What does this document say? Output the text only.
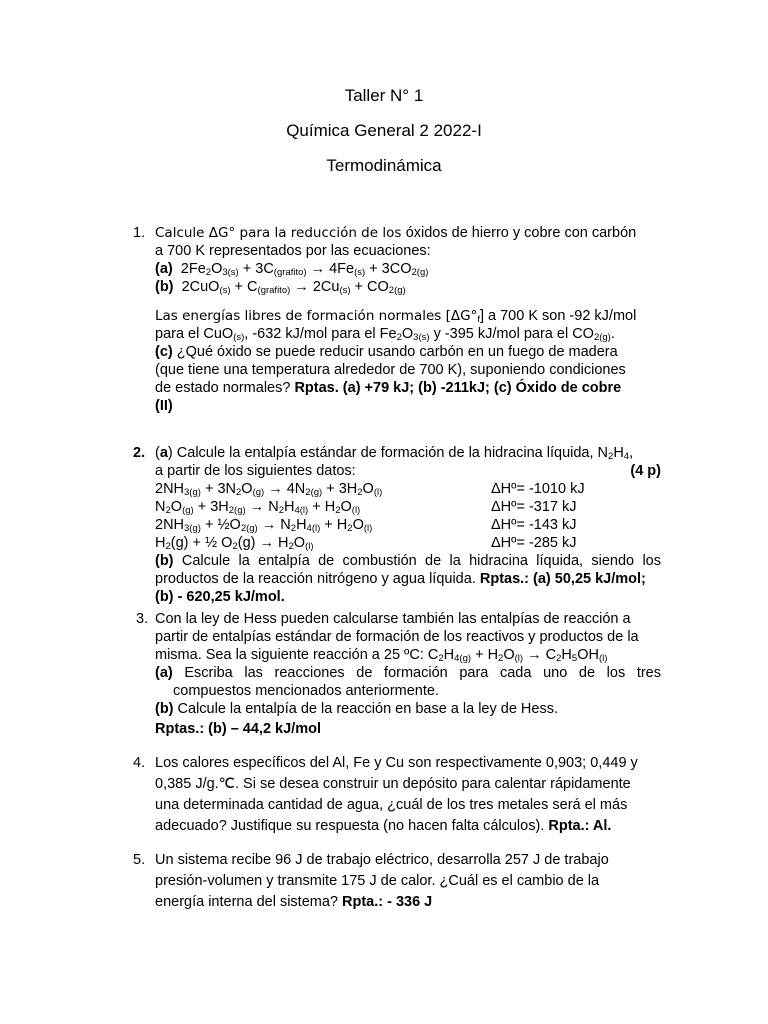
Taller N° 1
Química General 2 2022-I
Termodinámica
1. Calcule ΔG° para la reducción de los óxidos de hierro y cobre con carbón
a 700 K representados por las ecuaciones:
(a)  $2Fe_2O_{3(s)} + 3C_{(grafito)} \to 4Fe_{(s)} + 3CO_{2(g)}$
(b)  $2CuO_{(s)} + C_{(grafito)} \to 2Cu_{(s)} + CO_{2(g)}$
Las energías libres de formación normales $[\Delta G^\circ_f]$ a 700 K son -92 kJ/mol
para el CuO$_{(s)}$, -632 kJ/mol para el $Fe_2O_{3(s)}$ y -395 kJ/mol para el $CO_{2(g)}$.
(c) ¿Qué óxido se puede reducir usando carbón en un fuego de madera
(que tiene una temperatura alrededor de 700 K), suponiendo condiciones
de estado normales? Rptas. (a) +79 kJ; (b) -211kJ; (c) Óxido de cobre
(II)
2. (a) Calcule la entalpía estándar de formación de la hidracina líquida, $N_2H_4$,
a partir de los siguientes datos:	(4 p)
$2NH_{3(g)} + 3N_2O_{(g)} \to 4N_{2(g)} + 3H_2O_{(l)}$	ΔHº= -1010 kJ
$N_2O_{(g)} + 3H_{2(g)} \to N_2H_{4(l)} + H_2O_{(l)}$	ΔHº= -317 kJ
$2NH_{3(g)}$ + $\frac{1}{2}O_{2(g)} \to N_2H_{4(l)} + H_2O_{(l)}$	ΔHº= -143 kJ
$H_2(g)$ + ½ $O_2(g) \to H_2O_{(l)}$	ΔHº= -285 kJ
(b) Calcule la entalpía de combustión de la hidracina líquida, siendo los
productos de la reacción nitrógeno y agua líquida. Rptas.: (a) 50,25 kJ/mol;
(b) - 620,25 kJ/mol.
3. Con la ley de Hess pueden calcularse también las entalpías de reacción a
partir de entalpías estándar de formación de los reactivos y productos de la
misma. Sea la siguiente reacción a 25 ºC: $C_2H_{4(g)} + H_2O_{(l)} \to C_2H_5OH_{(l)}$
(a) Escriba las reacciones de formación para cada uno de los tres
compuestos mencionados anteriormente.
(b) Calcule la entalpía de la reacción en base a la ley de Hess.
Rptas.: (b) – 44,2 kJ/mol
4. Los calores específicos del Al, Fe y Cu son respectivamente 0,903; 0,449 y
0,385 J/g.℃. Si se desea construir un depósito para calentar rápidamente
una determinada cantidad de agua, ¿cuál de los tres metales será el más
adecuado? Justifique su respuesta (no hacen falta cálculos). Rpta.: Al.
5. Un sistema recibe 96 J de trabajo eléctrico, desarrolla 257 J de trabajo
presión-volumen y transmite 175 J de calor. ¿Cuál es el cambio de la
energía interna del sistema? Rpta.: - 336 J
